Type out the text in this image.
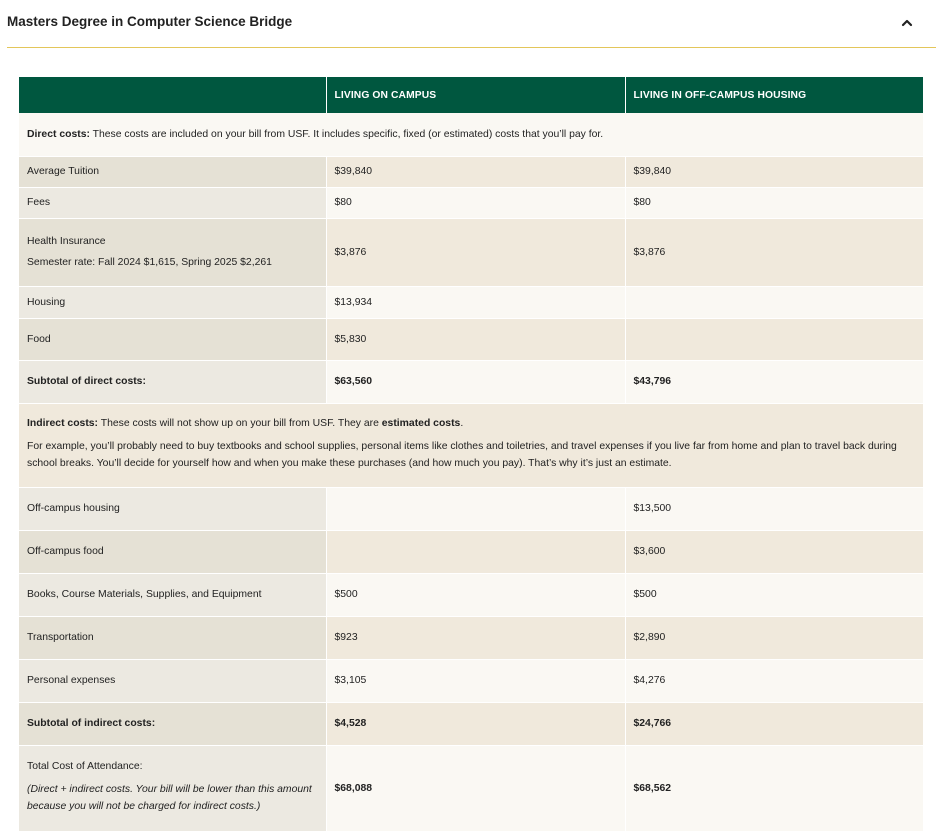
Masters Degree in Computer Science Bridge
	LIVING ON CAMPUS	LIVING IN OFF-CAMPUS HOUSING
Direct costs: These costs are included on your bill from USF. It includes specific, fixed (or estimated) costs that you’ll pay for.		
Average Tuition	$39,840	$39,840
Fees	$80	$80

Health Insurance
Semester rate: Fall 2024 $1,615, Spring 2025 $2,261	$3,876	$3,876
Housing	$13,934	
Food	$5,830	
Subtotal of direct costs:	$63,560	$43,796

Indirect costs: These costs will not show up on your bill from USF. They are estimated costs.
For example, you’ll probably need to buy textbooks and school supplies, personal items like clothes and toiletries, and travel expenses if you live far from home and plan to travel back during school breaks. You’ll decide for yourself how and when you make these purchases (and how much you pay). That’s why it’s just an estimate.		

Off-campus housing		$13,500
Off-campus food		$3,600
Books, Course Materials, Supplies, and Equipment	$500	$500
Transportation	$923	$2,890
Personal expenses	$3,105	$4,276
Subtotal of indirect costs:	$4,528	$24,766

Total Cost of Attendance:
(Direct + indirect costs. Your bill will be lower than this amount because you will not be charged for indirect costs.)	$68,088	$68,562
